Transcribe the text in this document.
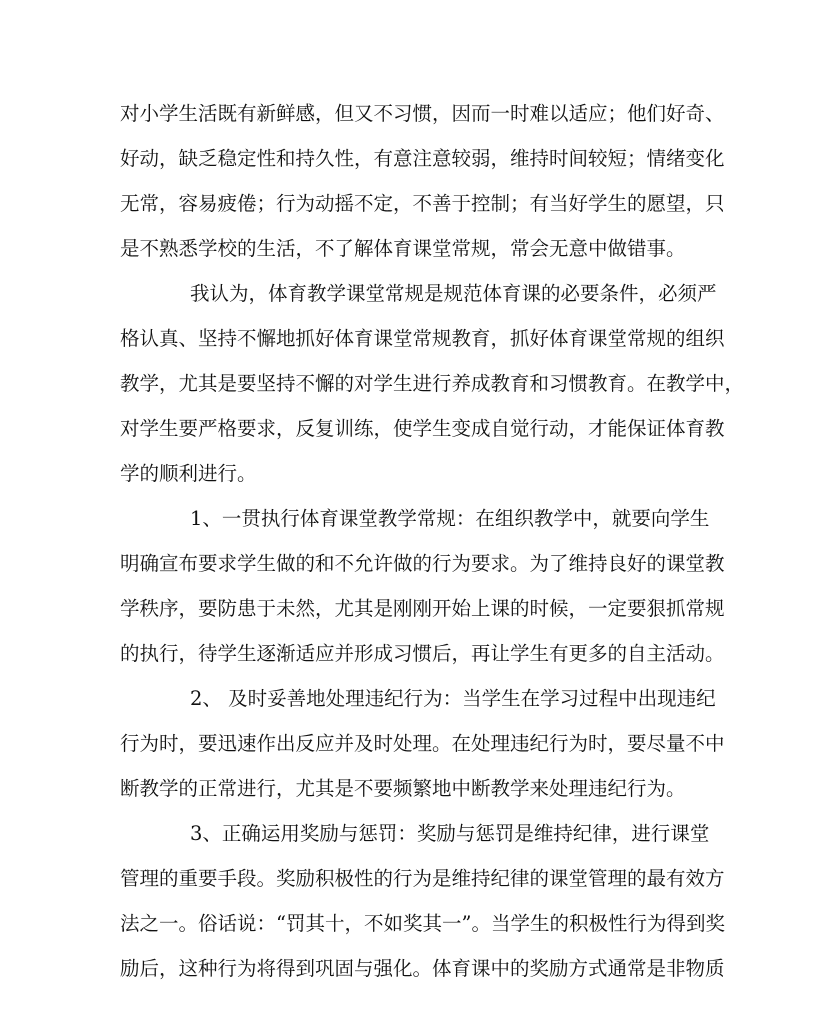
对小学生活既有新鲜感，但又不习惯，因而一时难以适应；他们好奇、
好动，缺乏稳定性和持久性，有意注意较弱，维持时间较短；情绪变化
无常，容易疲倦；行为动摇不定，不善于控制；有当好学生的愿望，只
是不熟悉学校的生活，不了解体育课堂常规，常会无意中做错事。
我认为，体育教学课堂常规是规范体育课的必要条件，必须严
格认真、坚持不懈地抓好体育课堂常规教育，抓好体育课堂常规的组织
教学，尤其是要坚持不懈的对学生进行养成教育和习惯教育。在教学中，
对学生要严格要求，反复训练，使学生变成自觉行动，才能保证体育教
学的顺利进行。
1、一贯执行体育课堂教学常规：在组织教学中，就要向学生
明确宣布要求学生做的和不允许做的行为要求。为了维持良好的课堂教
学秩序，要防患于未然，尤其是刚刚开始上课的时候，一定要狠抓常规
的执行，待学生逐渐适应并形成习惯后，再让学生有更多的自主活动。
2、 及时妥善地处理违纪行为：当学生在学习过程中出现违纪
行为时，要迅速作出反应并及时处理。在处理违纪行为时，要尽量不中
断教学的正常进行，尤其是不要频繁地中断教学来处理违纪行为。
3、正确运用奖励与惩罚：奖励与惩罚是维持纪律，进行课堂
管理的重要手段。奖励积极性的行为是维持纪律的课堂管理的最有效方
法之一。俗话说：“罚其十，不如奖其一”。当学生的积极性行为得到奖
励后，这种行为将得到巩固与强化。体育课中的奖励方式通常是非物质
